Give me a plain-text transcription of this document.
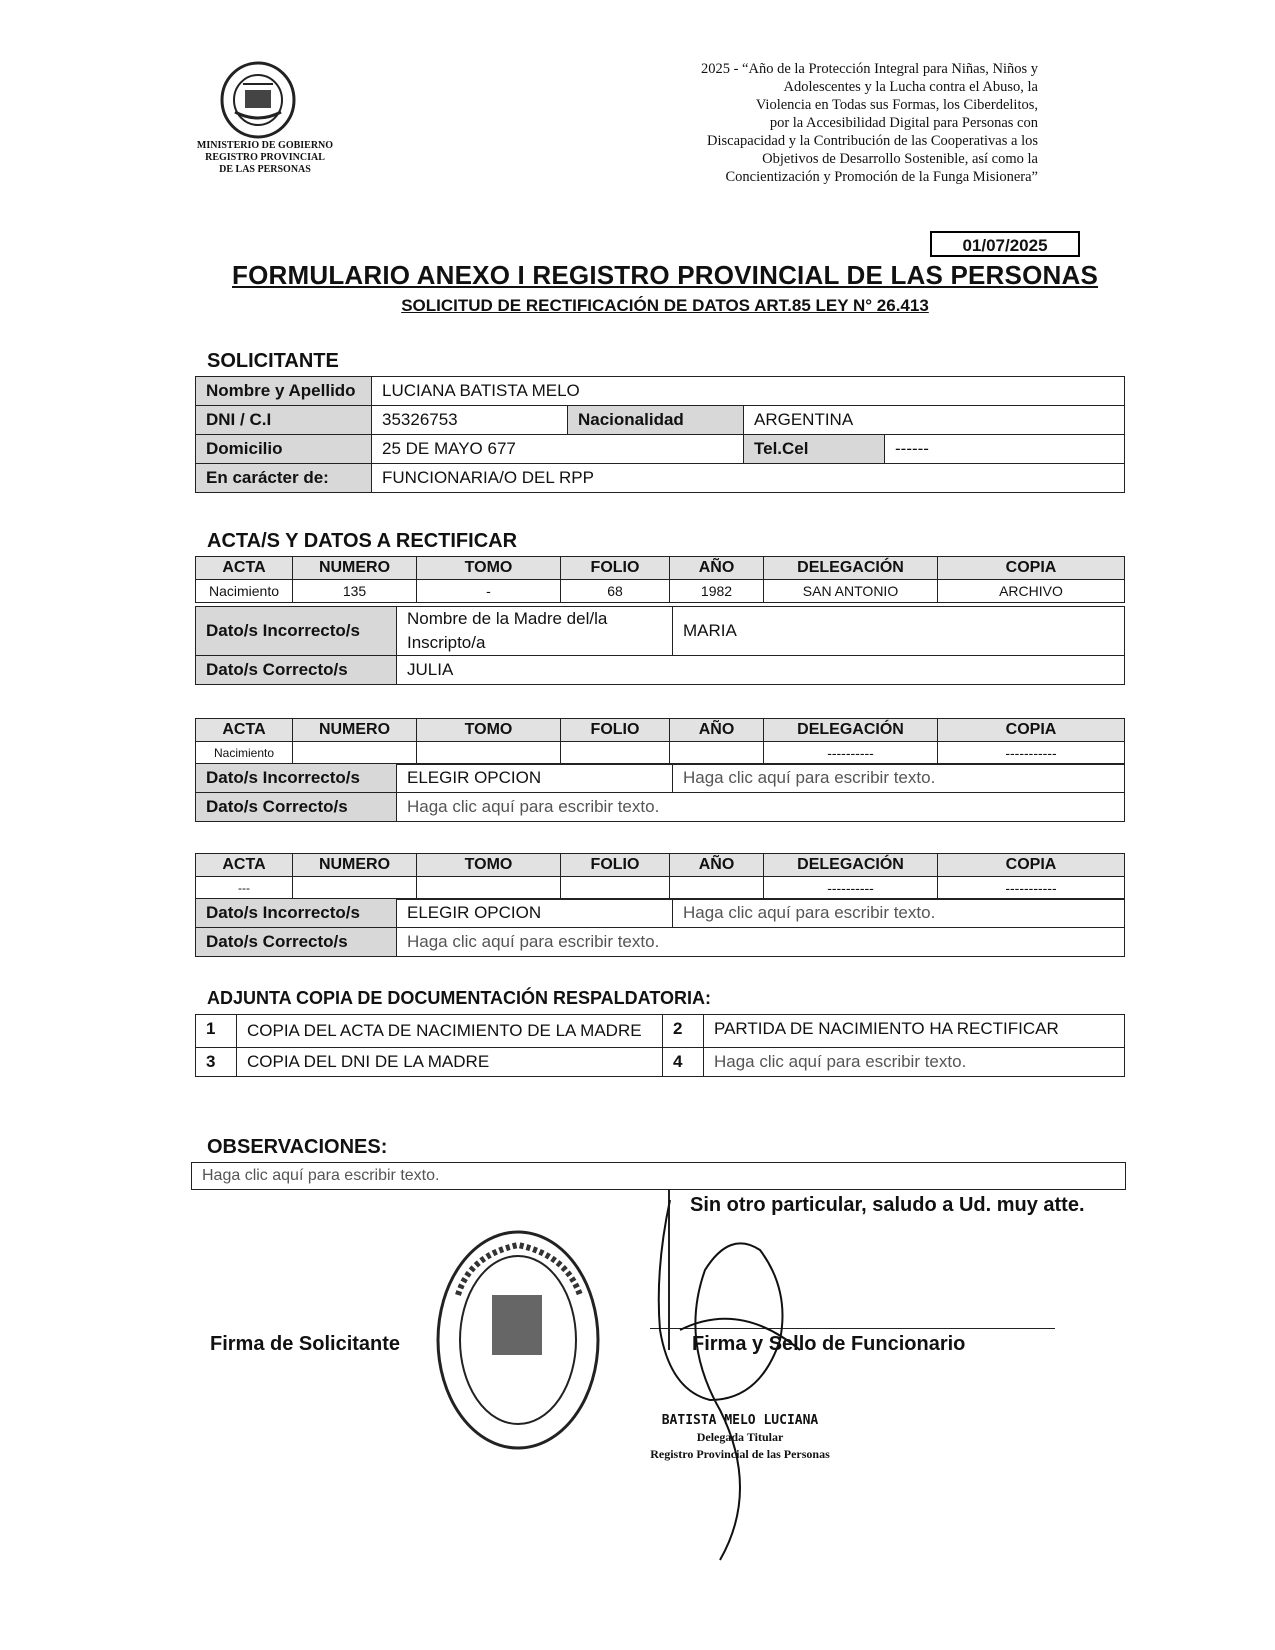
MINISTERIO DE GOBIERNO
REGISTRO PROVINCIAL
DE LAS PERSONAS
2025 - “Año de la Protección Integral para Niñas, Niños y
Adolescentes y la Lucha contra el Abuso, la
Violencia en Todas sus Formas, los Ciberdelitos,
por la Accesibilidad Digital para Personas con
Discapacidad y la Contribución de las Cooperativas a los
Objetivos de Desarrollo Sostenible, así como la
Concientización y Promoción de la Funga Misionera”
01/07/2025
FORMULARIO ANEXO I REGISTRO PROVINCIAL DE LAS PERSONAS
SOLICITUD DE RECTIFICACIÓN DE DATOS ART.85 LEY N° 26.413
SOLICITANTE
Nombre y Apellido	LUCIANA BATISTA MELO			
DNI / C.I	35326753	Nacionalidad	ARGENTINA	
Domicilio	25 DE MAYO 677		Tel.Cel	------
En carácter de:	FUNCIONARIA/O DEL RPP			
ACTA/S Y DATOS A RECTIFICAR
ACTA	NUMERO	TOMO	FOLIO	AÑO	DELEGACIÓN	COPIA
Nacimiento	135	-	68	1982	SAN ANTONIO	ARCHIVO
Dato/s Incorrecto/s	Nombre de la Madre del/la Inscripto/a	MARIA
Dato/s Correcto/s	JULIA	
ACTA	NUMERO	TOMO	FOLIO	AÑO	DELEGACIÓN	COPIA
Nacimiento					----------	-----------
Dato/s Incorrecto/s	ELEGIR OPCION	Haga clic aquí para escribir texto.
Dato/s Correcto/s	Haga clic aquí para escribir texto.	
ACTA	NUMERO	TOMO	FOLIO	AÑO	DELEGACIÓN	COPIA
---					----------	-----------
Dato/s Incorrecto/s	ELEGIR OPCION	Haga clic aquí para escribir texto.
Dato/s Correcto/s	Haga clic aquí para escribir texto.	
ADJUNTA COPIA DE DOCUMENTACIÓN RESPALDATORIA:
1	COPIA DEL ACTA DE NACIMIENTO DE LA MADRE	2	PARTIDA DE NACIMIENTO HA RECTIFICAR
3	COPIA DEL DNI DE LA MADRE	4	Haga clic aquí para escribir texto.
OBSERVACIONES:
Haga clic aquí para escribir texto.
Sin otro particular, saludo a Ud. muy atte.
Firma de Solicitante	Firma y Sello de Funcionario
BATISTA MELO LUCIANA
Delegada Titular
Registro Provincial de las Personas
